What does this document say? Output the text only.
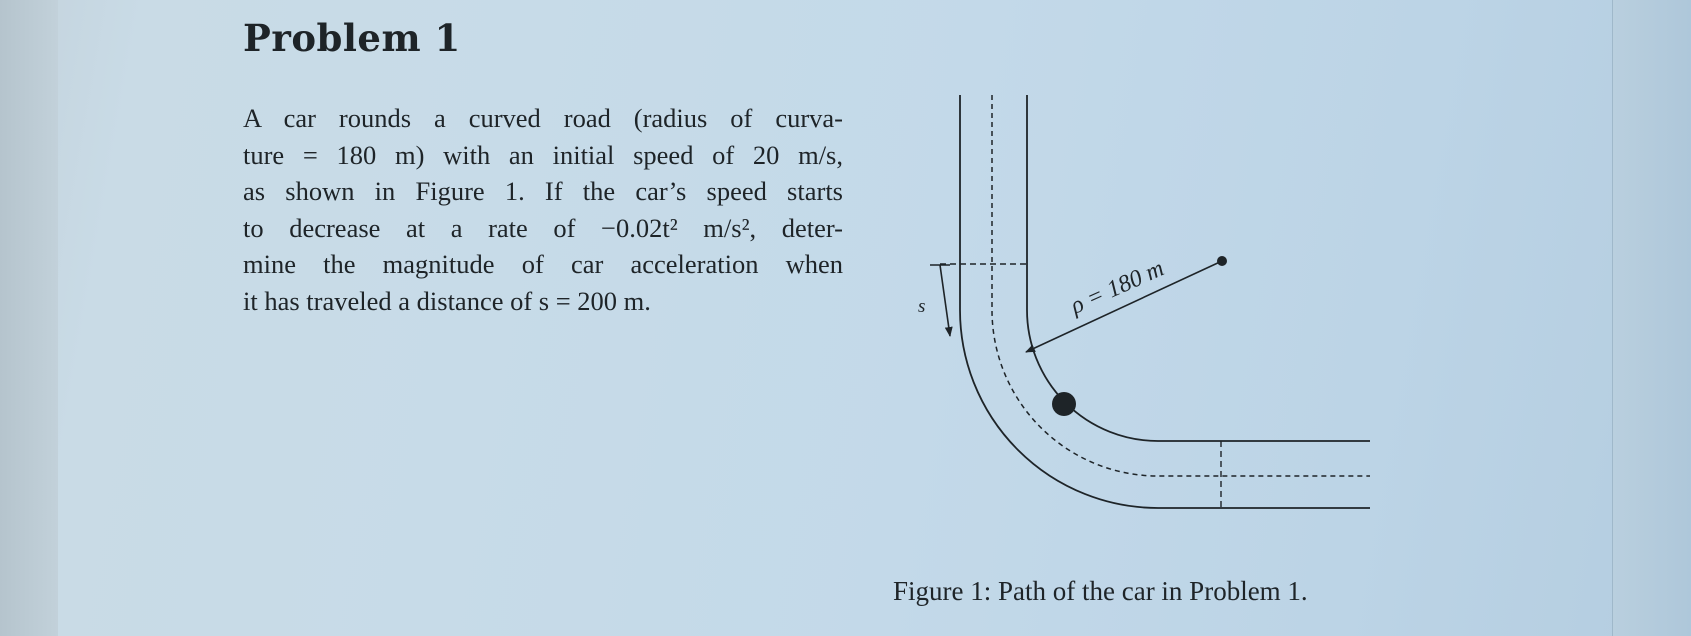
Problem 1
A car rounds a curved road (radius of curva-
ture = 180 m) with an initial speed of 20 m/s,
as shown in Figure 1. If the car’s speed starts
to decrease at a rate of −0.02t² m/s², deter-
mine the magnitude of car acceleration when
it has traveled a distance of s = 200 m.	s	ρ = 180 m
Figure 1: Path of the car in Problem 1.
